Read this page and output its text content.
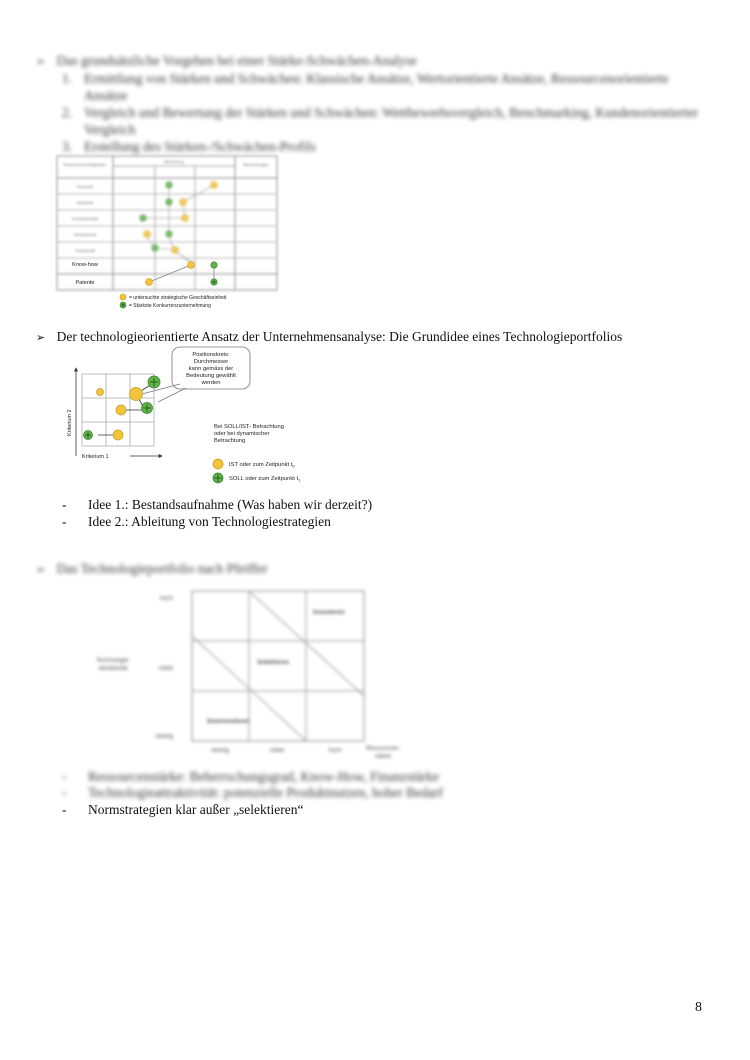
➢ Das grundsätzliche Vorgehen bei einer Stärke-Schwächen-Analyse
1. Ermittlung von Stärken und Schwächen: Klassische Ansätze, Wertorientierte Ansätze, Ressourcenorientierte Ansätze
2. Vergleich und Bewertung der Stärken und Schwächen: Wettbewerbsvergleich, Benchmarking, Kundenorientierter Vergleich
3. Erstellung des Stärken-/Schwächen-Profils
Ressourcen/Fähigkeiten
Bewertung
Bemerkungen
Personal
Standorte
Kundenkontakt
Vertriebsnetz
Finanzkraft
Know-how
Patente
= untersuchte strategische Geschäftseinheit
= Stärkste Konkurrenzunternehmung
➢ Der technologieorientierte Ansatz der Unternehmensanalyse: Die Grundidee eines Technologieportfolios
Kriterium 2
Kriterium 1
Positionskreis:
Durchmesser
kann gemäss der
Bedeutung gewählt
werden
Bei SOLL/IST- Betrachtung
oder bei dynamischer
Betrachtung
IST oder zum Zeitpunkt $t_0$
SOLL oder zum Zeitpunkt $t_1$
- Idee 1.: Bestandsaufnahme (Was haben wir derzeit?)
- Idee 2.: Ableitung von Technologiestrategien
➢ Das Technologieportfolio nach Pfeiffer
hoch
mittel
niedrig
Technologie-
attraktivität
niedrig	mittel	hoch	Ressourcen-
stärke
Investieren
Selektieren
Desinvestieren
- Ressourcenstärke: Beherrschungsgrad, Know-How, Finanzstärke
- Technologieattraktivität: potenzielle Produktnutzen, hoher Bedarf
- Normstrategien klar außer „selektieren“
8
